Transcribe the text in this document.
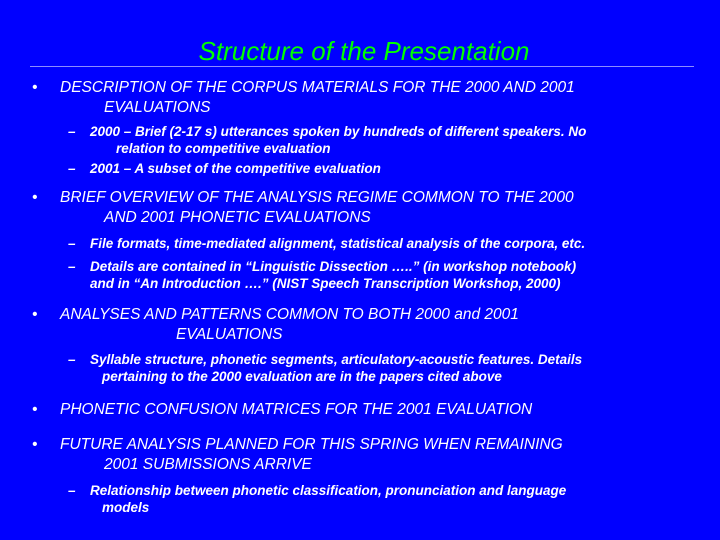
Structure of the Presentation
• DESCRIPTION OF THE CORPUS MATERIALS FOR THE 2000 AND 2001
EVALUATIONS
– 2000 – Brief (2-17 s) utterances spoken by hundreds of different speakers. No
relation to competitive evaluation
– 2001 – A subset of the competitive evaluation
• BRIEF OVERVIEW OF THE ANALYSIS REGIME COMMON TO THE 2000
AND 2001 PHONETIC EVALUATIONS
– File formats, time-mediated alignment, statistical analysis of the corpora, etc.
– Details are contained in “Linguistic Dissection …..” (in workshop notebook)
and in “An Introduction ….” (NIST Speech Transcription Workshop, 2000)
• ANALYSES AND PATTERNS COMMON TO BOTH 2000 and 2001
EVALUATIONS
– Syllable structure, phonetic segments, articulatory-acoustic features. Details
pertaining to the 2000 evaluation are in the papers cited above
• PHONETIC CONFUSION MATRICES FOR THE 2001 EVALUATION
• FUTURE ANALYSIS PLANNED FOR THIS SPRING WHEN REMAINING
2001 SUBMISSIONS ARRIVE
– Relationship between phonetic classification, pronunciation and language
models
